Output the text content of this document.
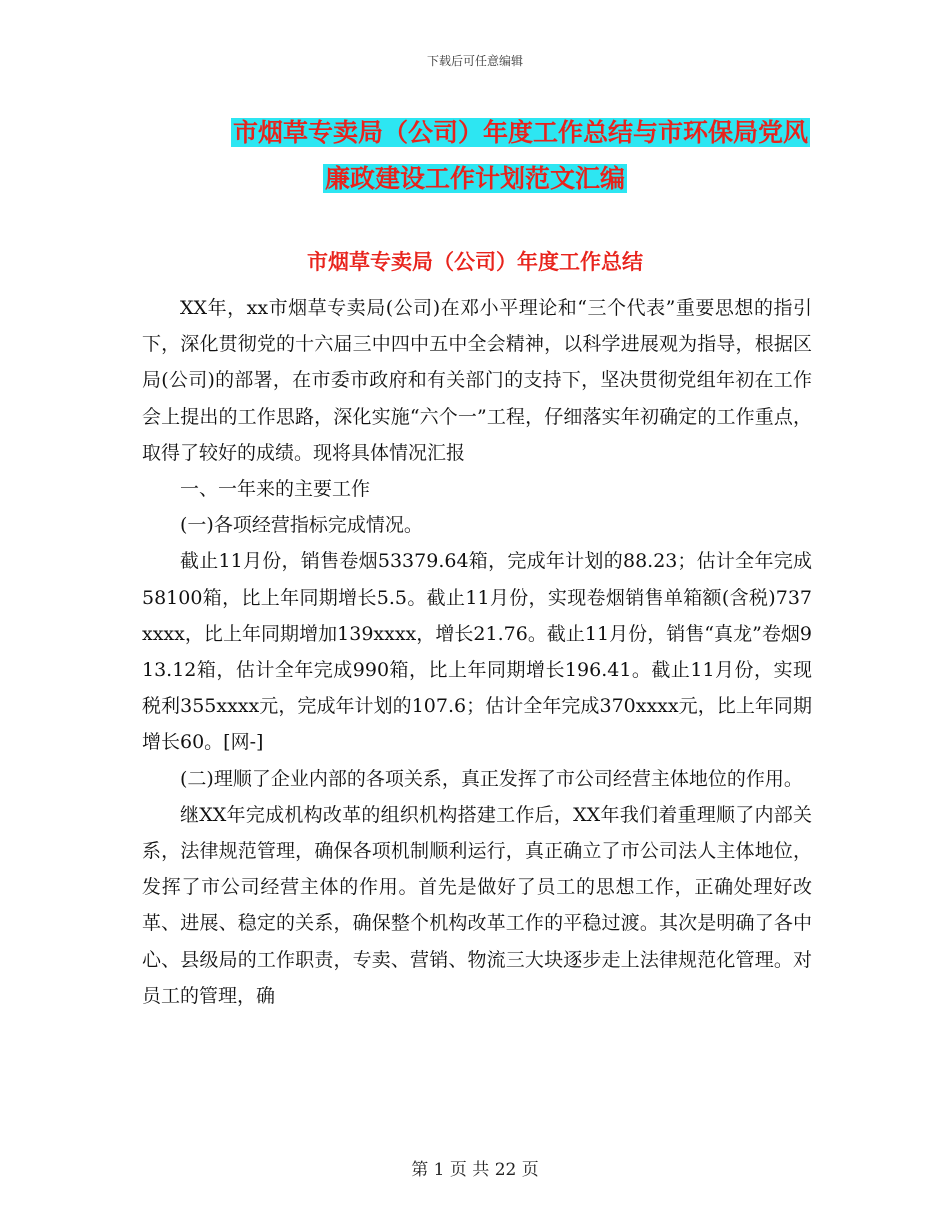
下载后可任意编辑
市烟草专卖局（公司）年度工作总结与市环保局党风
廉政建设工作计划范文汇编
市烟草专卖局（公司）年度工作总结

XX年，xx市烟草专卖局(公司)在邓小平理论和“三个代表”重要思想的指引下，深化贯彻党的十六届三中四中五中全会精神，以科学进展观为指导，根据区局(公司)的部署，在市委市政府和有关部门的支持下，坚决贯彻党组年初在工作会上提出的工作思路，深化实施“六个一”工程，仔细落实年初确定的工作重点，取得了较好的成绩。现将具体情况汇报

一、一年来的主要工作

(一)各项经营指标完成情况。

截止11月份，销售卷烟53379.64箱，完成年计划的88.23；估计全年完成58100箱，比上年同期增长5.5。截止11月份，实现卷烟销售单箱额(含税)737xxxx，比上年同期增加139xxxx，增长21.76。截止11月份，销售“真龙”卷烟913.12箱，估计全年完成990箱，比上年同期增长196.41。截止11月份，实现税利355xxxx元，完成年计划的107.6；估计全年完成370xxxx元，比上年同期增长60。[网-]

(二)理顺了企业内部的各项关系，真正发挥了市公司经营主体地位的作用。

继XX年完成机构改革的组织机构搭建工作后，XX年我们着重理顺了内部关系，法律规范管理，确保各项机制顺利运行，真正确立了市公司法人主体地位，发挥了市公司经营主体的作用。首先是做好了员工的思想工作，正确处理好改革、进展、稳定的关系，确保整个机构改革工作的平稳过渡。其次是明确了各中心、县级局的工作职责，专卖、营销、物流三大块逐步走上法律规范化管理。对员工的管理，确

第 1 页 共 22 页
